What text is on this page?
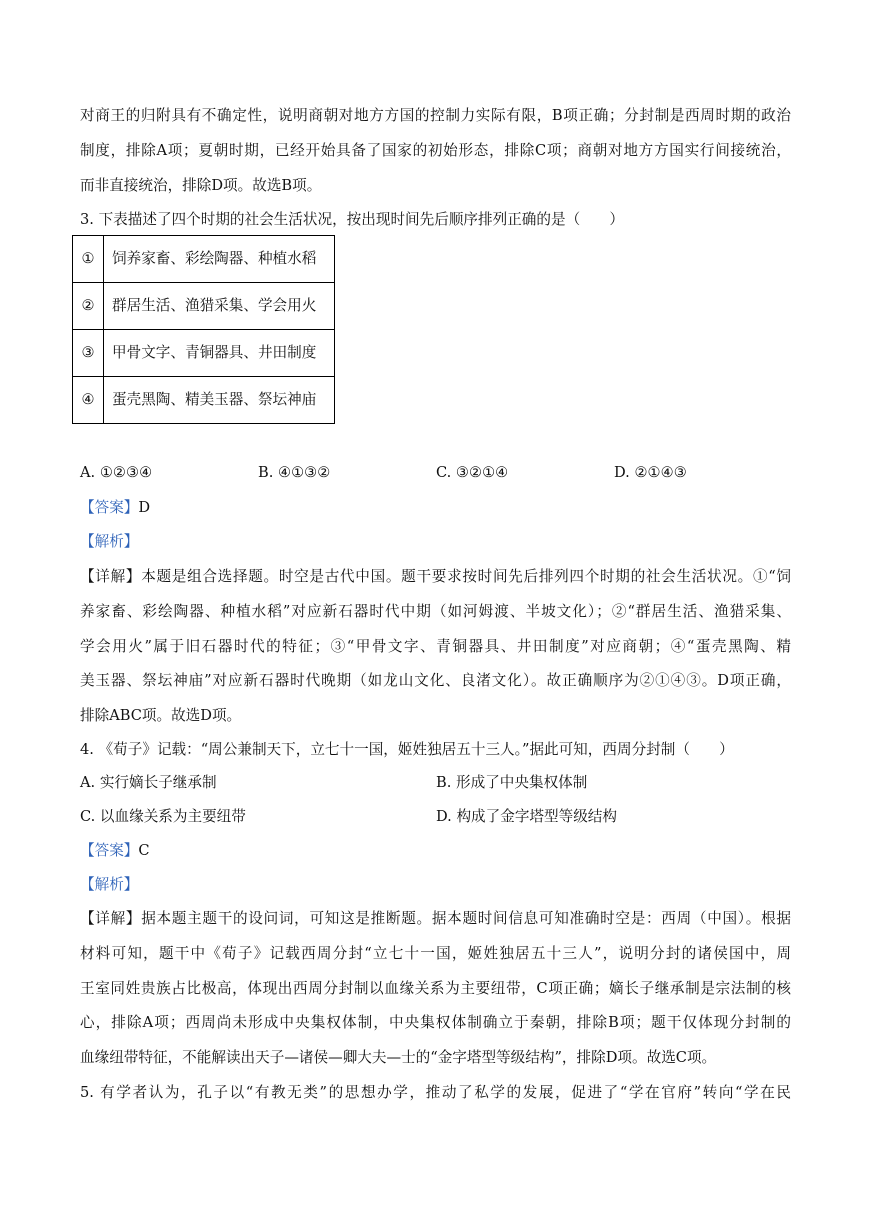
对商王的归附具有不确定性，说明商朝对地方方国的控制力实际有限，B项正确；分封制是西周时期的政治
制度，排除A项；夏朝时期，已经开始具备了国家的初始形态，排除C项；商朝对地方方国实行间接统治，
而非直接统治，排除D项。故选B项。
3. 下表描述了四个时期的社会生活状况，按出现时间先后顺序排列正确的是（　　）
①	饲养家畜、彩绘陶器、种植水稻
②	群居生活、渔猎采集、学会用火
③	甲骨文字、青铜器具、井田制度
④	蛋壳黑陶、精美玉器、祭坛神庙
A. ①②③④	B. ④①③②	C. ③②①④	D. ②①④③
【答案】D
【解析】
【详解】本题是组合选择题。时空是古代中国。题干要求按时间先后排列四个时期的社会生活状况。①“饲
养家畜、彩绘陶器、种植水稻”对应新石器时代中期（如河姆渡、半坡文化）；②“群居生活、渔猎采集、
学会用火”属于旧石器时代的特征；③“甲骨文字、青铜器具、井田制度”对应商朝；④“蛋壳黑陶、精
美玉器、祭坛神庙”对应新石器时代晚期（如龙山文化、良渚文化）。故正确顺序为②①④③。D项正确，
排除ABC项。故选D项。
4. 《荀子》记载：“周公兼制天下，立七十一国，姬姓独居五十三人。”据此可知，西周分封制（　　）
A. 实行嫡长子继承制	B. 形成了中央集权体制
C. 以血缘关系为主要纽带	D. 构成了金字塔型等级结构
【答案】C
【解析】
【详解】据本题主题干的设问词，可知这是推断题。据本题时间信息可知准确时空是：西周（中国）。根据
材料可知，题干中《荀子》记载西周分封“立七十一国，姬姓独居五十三人”，说明分封的诸侯国中，周
王室同姓贵族占比极高，体现出西周分封制以血缘关系为主要纽带，C项正确；嫡长子继承制是宗法制的核
心，排除A项；西周尚未形成中央集权体制，中央集权体制确立于秦朝，排除B项；题干仅体现分封制的
血缘纽带特征，不能解读出天子—诸侯—卿大夫—士的“金字塔型等级结构”，排除D项。故选C项。
5. 有学者认为，孔子以“有教无类”的思想办学，推动了私学的发展，促进了“学在官府”转向“学在民
